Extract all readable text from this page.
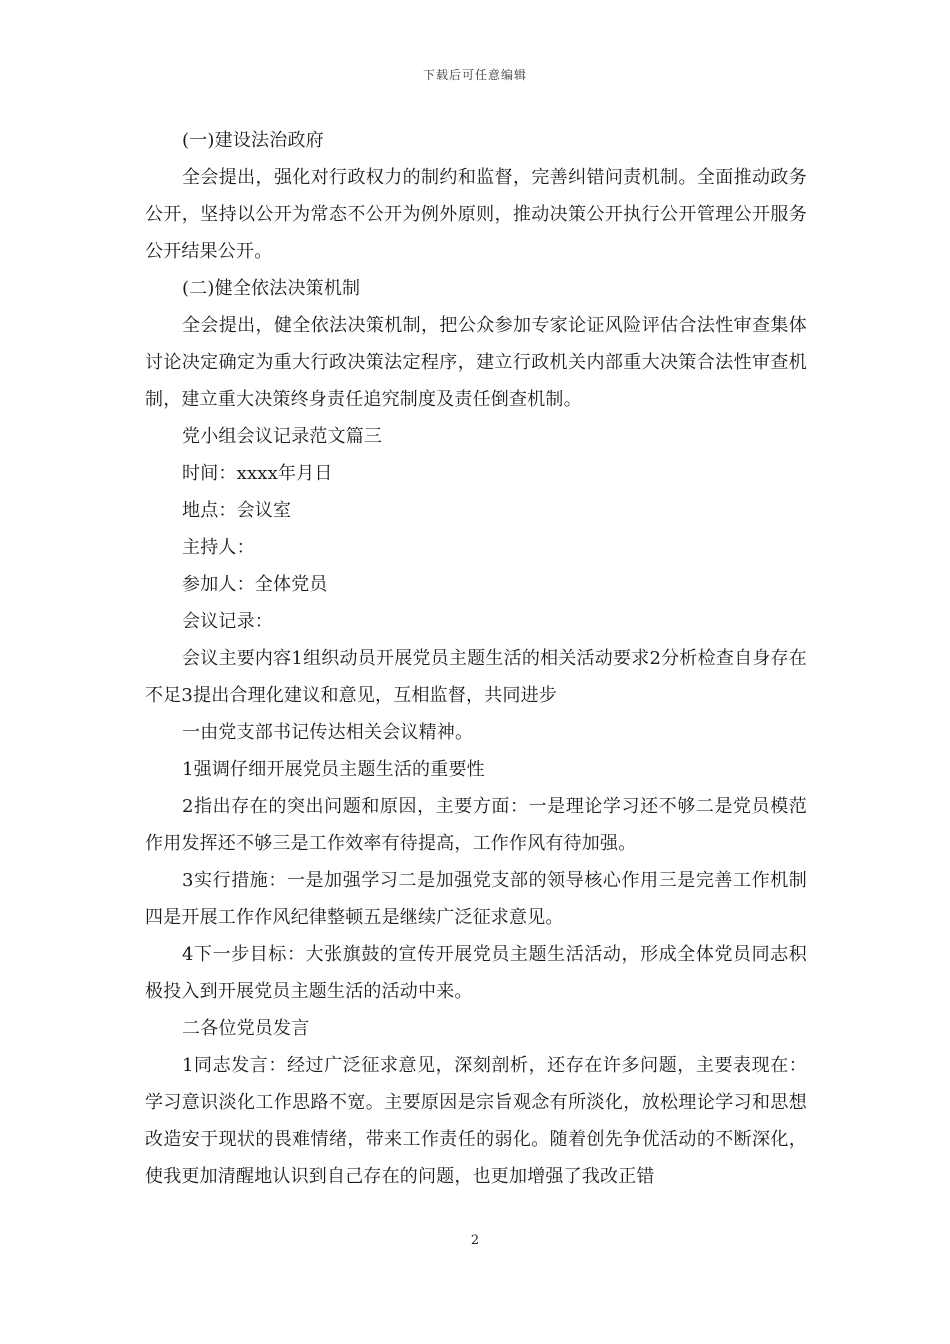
下载后可任意编辑

(一)建设法治政府

全会提出，强化对行政权力的制约和监督，完善纠错问责机制。全面推动政务公开，坚持以公开为常态不公开为例外原则，推动决策公开执行公开管理公开服务公开结果公开。

(二)健全依法决策机制

全会提出，健全依法决策机制，把公众参加专家论证风险评估合法性审查集体讨论决定确定为重大行政决策法定程序，建立行政机关内部重大决策合法性审查机制，建立重大决策终身责任追究制度及责任倒查机制。

党小组会议记录范文篇三

时间：xxxx年月日

地点：会议室

主持人：

参加人：全体党员

会议记录：

会议主要内容1组织动员开展党员主题生活的相关活动要求2分析检查自身存在不足3提出合理化建议和意见，互相监督，共同进步

一由党支部书记传达相关会议精神。

1强调仔细开展党员主题生活的重要性

2指出存在的突出问题和原因，主要方面：一是理论学习还不够二是党员模范作用发挥还不够三是工作效率有待提高，工作作风有待加强。

3实行措施：一是加强学习二是加强党支部的领导核心作用三是完善工作机制四是开展工作作风纪律整顿五是继续广泛征求意见。

4下一步目标：大张旗鼓的宣传开展党员主题生活活动，形成全体党员同志积极投入到开展党员主题生活的活动中来。

二各位党员发言

1同志发言：经过广泛征求意见，深刻剖析，还存在许多问题，主要表现在：学习意识淡化工作思路不宽。主要原因是宗旨观念有所淡化，放松理论学习和思想改造安于现状的畏难情绪，带来工作责任的弱化。随着创先争优活动的不断深化，使我更加清醒地认识到自己存在的问题，也更加增强了我改正错

2
